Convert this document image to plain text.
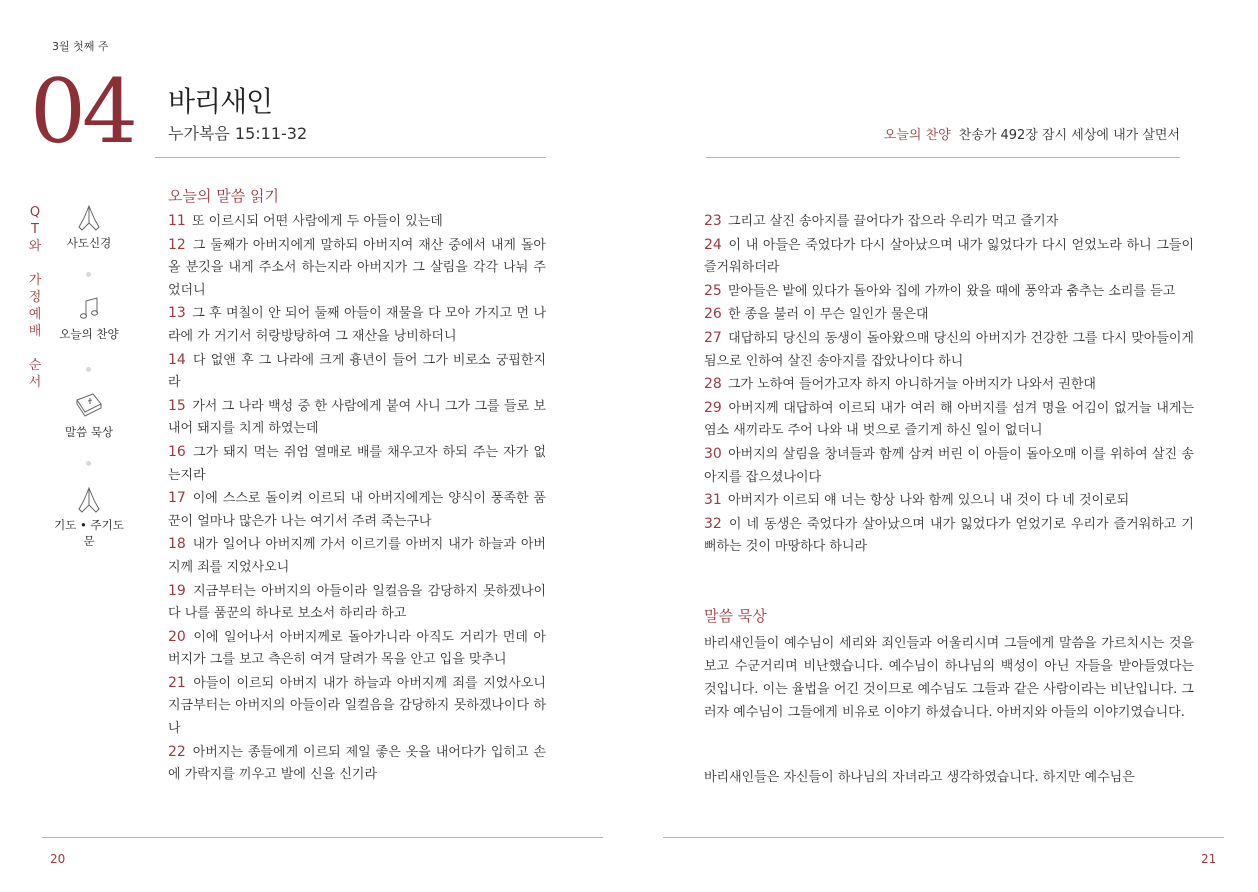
3월 첫째 주
04 바리새인
누가복음 15:11-32	오늘의 찬양 찬송가 492장 잠시 세상에 내가 살면서
Q
T
와
가
정
예
배
순
서
사도신경
오늘의 찬양
말씀 묵상
기도 • 주기도문
오늘의 말씀 읽기
11 또 이르시되 어떤 사람에게 두 아들이 있는데
12 그 둘째가 아버지에게 말하되 아버지여 재산 중에서 내게 돌아올 분깃을 내게 주소서 하는지라 아버지가 그 살림을 각각 나눠 주었더니
13 그 후 며칠이 안 되어 둘째 아들이 재물을 다 모아 가지고 먼 나라에 가 거기서 허랑방탕하여 그 재산을 낭비하더니
14 다 없앤 후 그 나라에 크게 흉년이 들어 그가 비로소 궁핍한지라
15 가서 그 나라 백성 중 한 사람에게 붙여 사니 그가 그를 들로 보내어 돼지를 치게 하였는데
16 그가 돼지 먹는 쥐엄 열매로 배를 채우고자 하되 주는 자가 없는지라
17 이에 스스로 돌이켜 이르되 내 아버지에게는 양식이 풍족한 품꾼이 얼마나 많은가 나는 여기서 주려 죽는구나
18 내가 일어나 아버지께 가서 이르기를 아버지 내가 하늘과 아버지께 죄를 지었사오니
19 지금부터는 아버지의 아들이라 일컬음을 감당하지 못하겠나이다 나를 품꾼의 하나로 보소서 하리라 하고
20 이에 일어나서 아버지께로 돌아가니라 아직도 거리가 먼데 아버지가 그를 보고 측은히 여겨 달려가 목을 안고 입을 맞추니
21 아들이 이르되 아버지 내가 하늘과 아버지께 죄를 지었사오니 지금부터는 아버지의 아들이라 일컬음을 감당하지 못하겠나이다 하나
22 아버지는 종들에게 이르되 제일 좋은 옷을 내어다가 입히고 손에 가락지를 끼우고 발에 신을 신기라
23 그리고 살진 송아지를 끌어다가 잡으라 우리가 먹고 즐기자
24 이 내 아들은 죽었다가 다시 살아났으며 내가 잃었다가 다시 얻었노라 하니 그들이 즐거워하더라
25 맏아들은 밭에 있다가 돌아와 집에 가까이 왔을 때에 풍악과 춤추는 소리를 듣고
26 한 종을 불러 이 무슨 일인가 물은대
27 대답하되 당신의 동생이 돌아왔으매 당신의 아버지가 건강한 그를 다시 맞아들이게 됨으로 인하여 살진 송아지를 잡았나이다 하니
28 그가 노하여 들어가고자 하지 아니하거늘 아버지가 나와서 권한대
29 아버지께 대답하여 이르되 내가 여러 해 아버지를 섬겨 명을 어김이 없거늘 내게는 염소 새끼라도 주어 나와 내 벗으로 즐기게 하신 일이 없더니
30 아버지의 살림을 창녀들과 함께 삼켜 버린 이 아들이 돌아오매 이를 위하여 살진 송아지를 잡으셨나이다
31 아버지가 이르되 얘 너는 항상 나와 함께 있으니 내 것이 다 네 것이로되
32 이 네 동생은 죽었다가 살아났으며 내가 잃었다가 얻었기로 우리가 즐거워하고 기뻐하는 것이 마땅하다 하니라
말씀 묵상
바리새인들이 예수님이 세리와 죄인들과 어울리시며 그들에게 말씀을 가르치시는 것을 보고 수군거리며 비난했습니다. 예수님이 하나님의 백성이 아닌 자들을 받아들였다는 것입니다. 이는 율법을 어긴 것이므로 예수님도 그들과 같은 사람이라는 비난입니다. 그러자 예수님이 그들에게 비유로 이야기 하셨습니다. 아버지와 아들의 이야기였습니다.
바리새인들은 자신들이 하나님의 자녀라고 생각하였습니다. 하지만 예수님은
20	21
